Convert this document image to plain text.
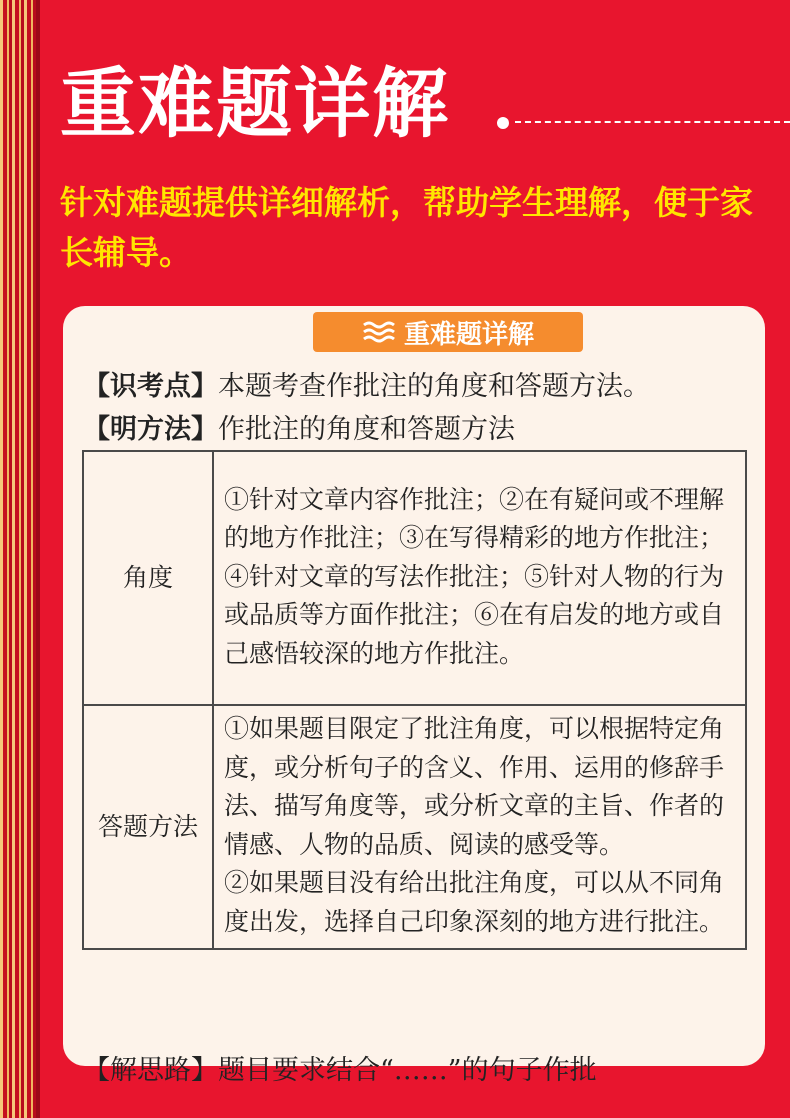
重难题详解
针对难题提供详细解析，帮助学生理解，便于家长辅导。
重难题详解
【识考点】本题考查作批注的角度和答题方法。
【明方法】作批注的角度和答题方法
角度	①针对文章内容作批注；②在有疑问或不理解的地方作批注；③在写得精彩的地方作批注；④针对文章的写法作批注；⑤针对人物的行为或品质等方面作批注；⑥在有启发的地方或自己感悟较深的地方作批注。
答题方法	①如果题目限定了批注角度，可以根据特定角度，或分析句子的含义、作用、运用的修辞手法、描写角度等，或分析文章的主旨、作者的情感、人物的品质、阅读的感受等。
②如果题目没有给出批注角度，可以从不同角度出发，选择自己印象深刻的地方进行批注。
【解思路】题目要求结合“……”的句子作批
